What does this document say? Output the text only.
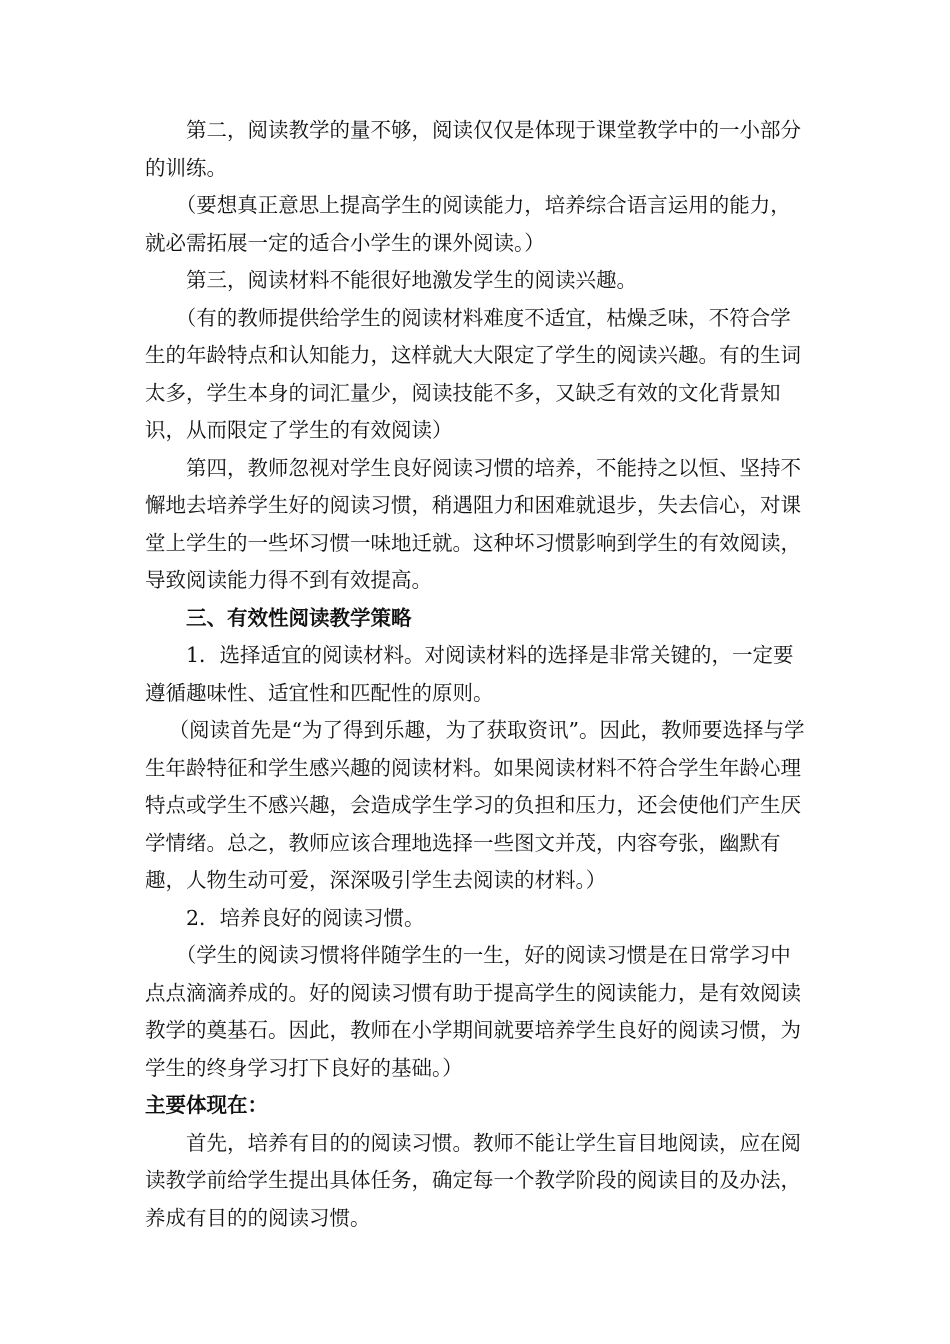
第二，阅读教学的量不够，阅读仅仅是体现于课堂教学中的一小部分的训练。

（要想真正意思上提高学生的阅读能力，培养综合语言运用的能力，就必需拓展一定的适合小学生的课外阅读。）

第三，阅读材料不能很好地激发学生的阅读兴趣。

（有的教师提供给学生的阅读材料难度不适宜，枯燥乏味，不符合学生的年龄特点和认知能力，这样就大大限定了学生的阅读兴趣。有的生词太多，学生本身的词汇量少，阅读技能不多，又缺乏有效的文化背景知识，从而限定了学生的有效阅读）

第四，教师忽视对学生良好阅读习惯的培养，不能持之以恒、坚持不懈地去培养学生好的阅读习惯，稍遇阻力和困难就退步，失去信心，对课堂上学生的一些坏习惯一味地迁就。这种坏习惯影响到学生的有效阅读，导致阅读能力得不到有效提高。

三、有效性阅读教学策略

1．选择适宜的阅读材料。对阅读材料的选择是非常关键的，一定要遵循趣味性、适宜性和匹配性的原则。

（阅读首先是“为了得到乐趣，为了获取资讯”。因此，教师要选择与学生年龄特征和学生感兴趣的阅读材料。如果阅读材料不符合学生年龄心理特点或学生不感兴趣，会造成学生学习的负担和压力，还会使他们产生厌学情绪。总之，教师应该合理地选择一些图文并茂，内容夸张，幽默有趣，人物生动可爱，深深吸引学生去阅读的材料。）

2．培养良好的阅读习惯。

（学生的阅读习惯将伴随学生的一生，好的阅读习惯是在日常学习中点点滴滴养成的。好的阅读习惯有助于提高学生的阅读能力，是有效阅读教学的奠基石。因此，教师在小学期间就要培养学生良好的阅读习惯，为学生的终身学习打下良好的基础。）

主要体现在：

首先，培养有目的的阅读习惯。教师不能让学生盲目地阅读，应在阅读教学前给学生提出具体任务，确定每一个教学阶段的阅读目的及办法，养成有目的的阅读习惯。
